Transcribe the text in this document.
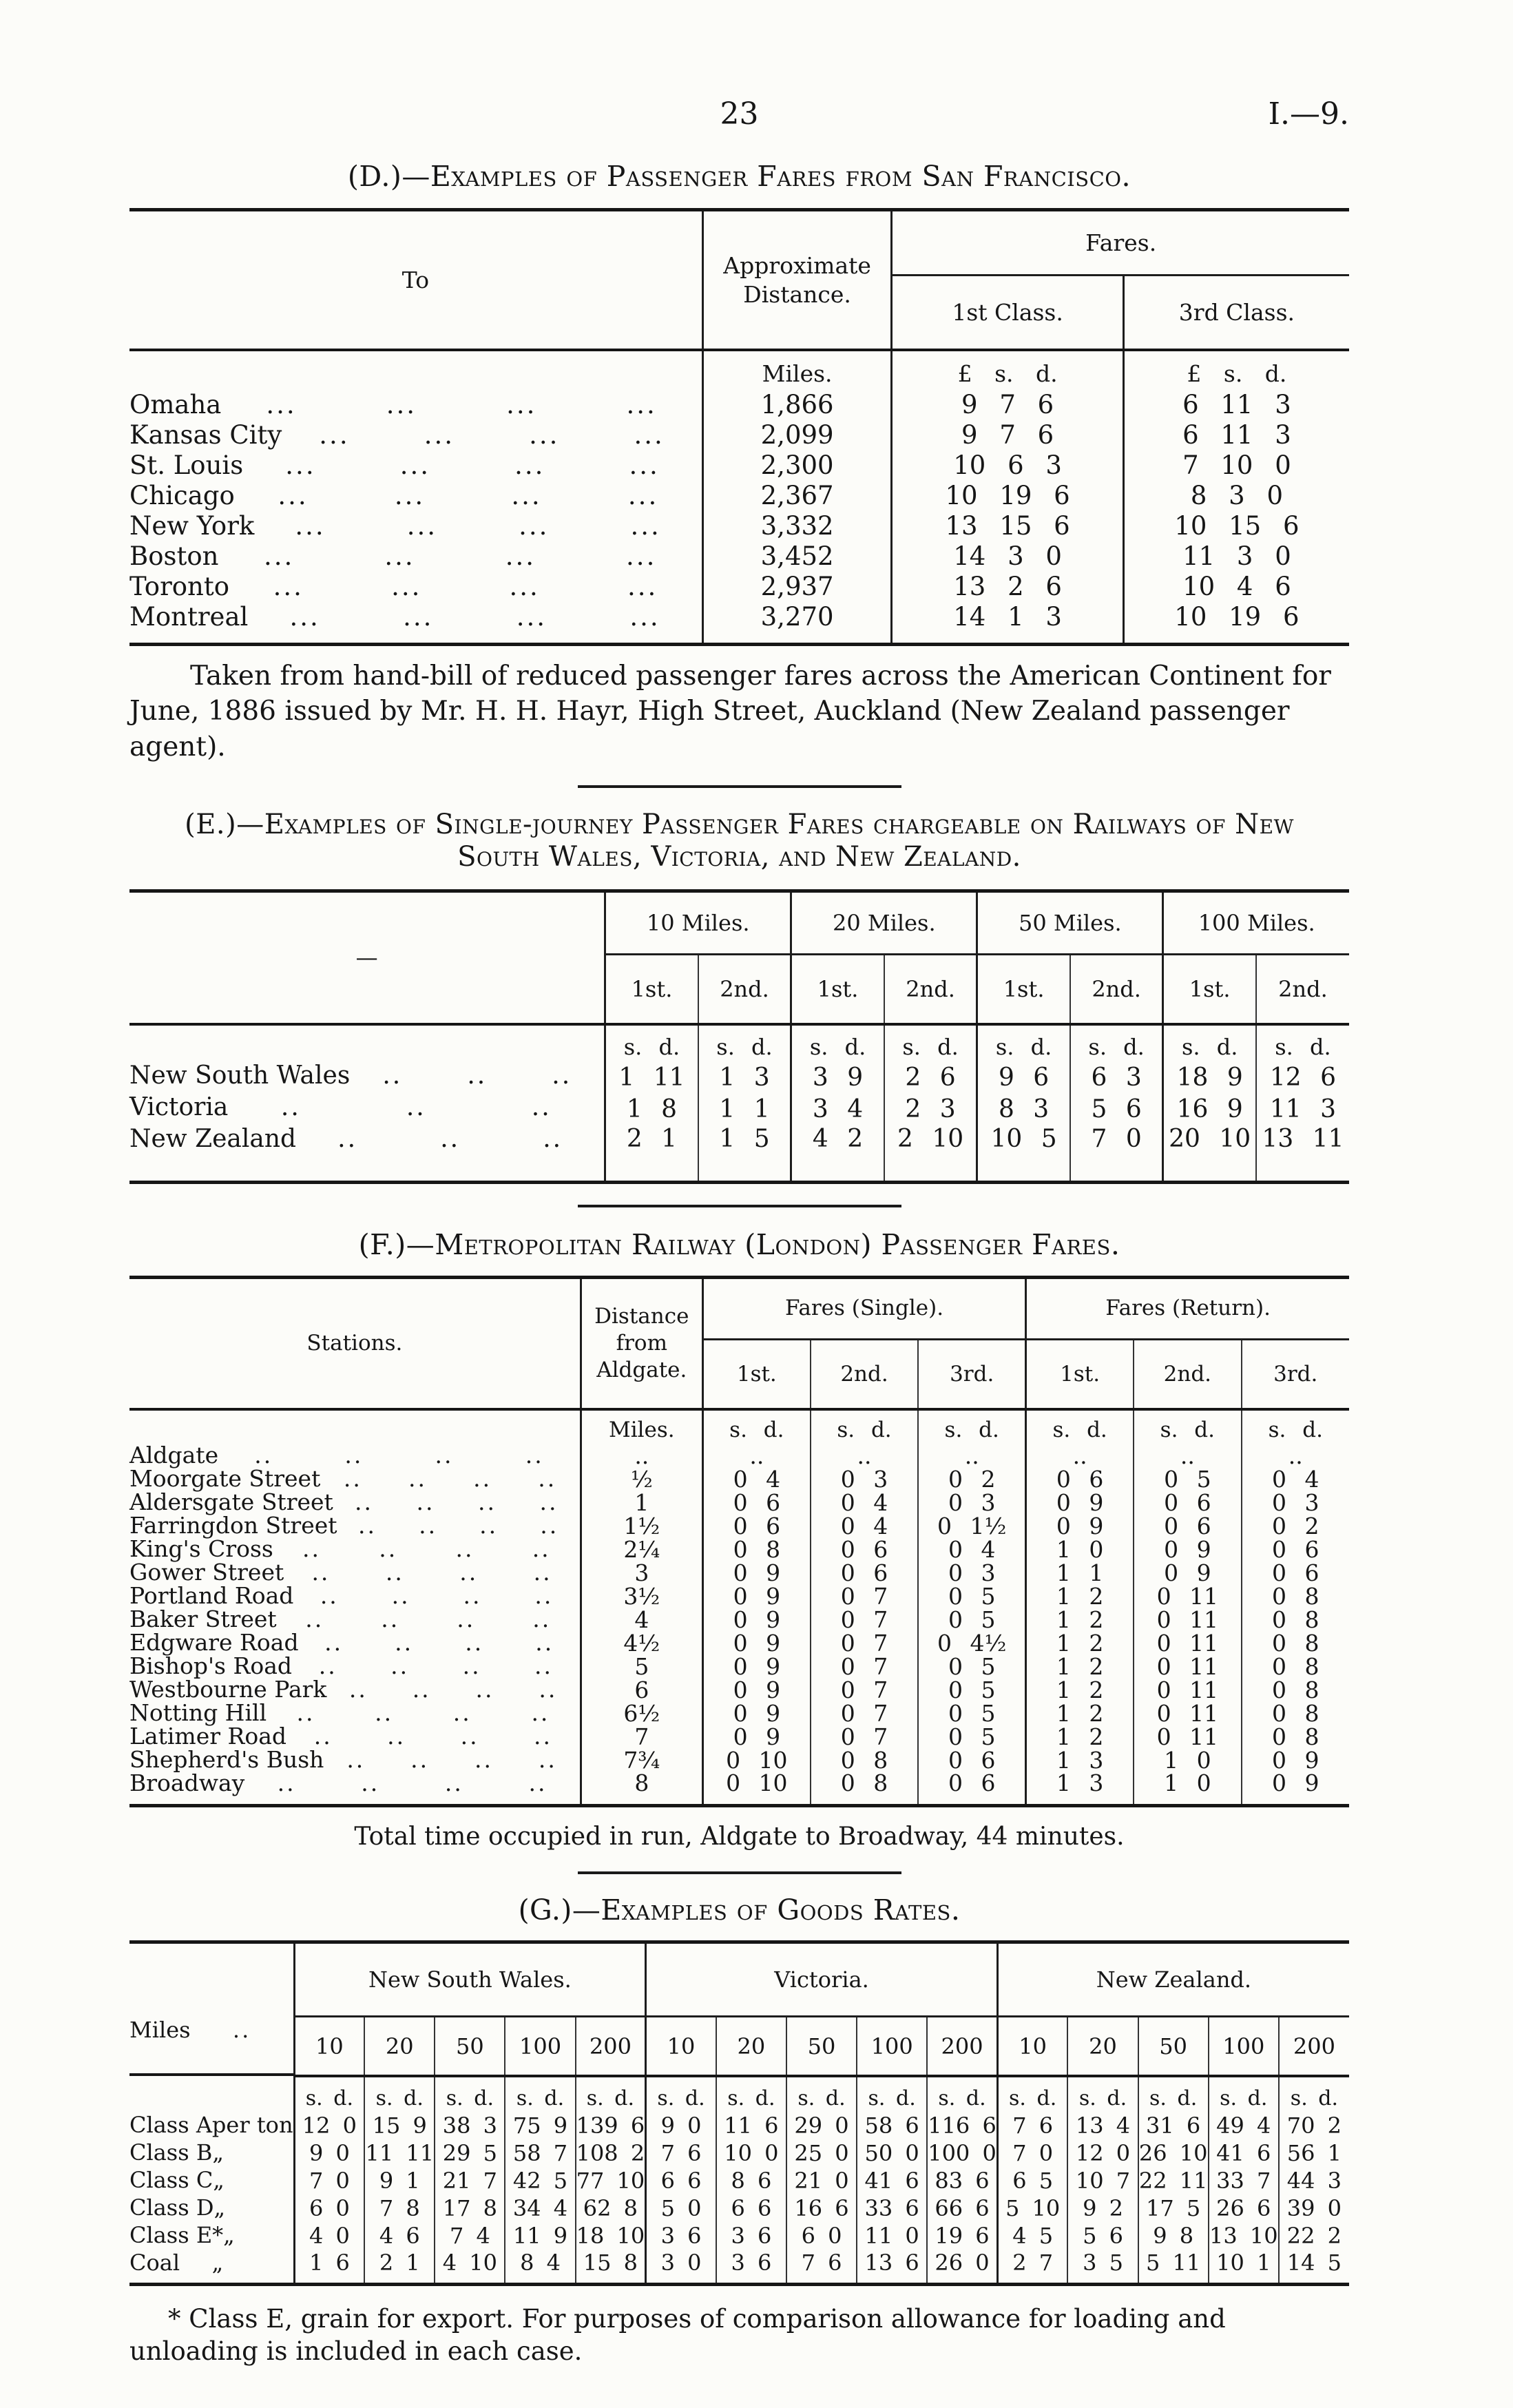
23	I.—9.
(D.)—Examples of Passenger Fares from San Francisco.
To	Approximate Distance.	Fares.	
		1st Class.	3rd Class.
	Miles.	£ s. d.	£ s. d.

Omaha	...	...	...	...	1,866	9 7 6	6 11 3

Kansas City	...	...	...	...	2,099	9 7 6	6 11 3

St. Louis	...	...	...	...	2,300	10 6 3	7 10 0

Chicago	...	...	...	...	2,367	10 19 6	8 3 0

New York	...	...	...	...	3,332	13 15 6	10 15 6

Boston	...	...	...	...	3,452	14 3 0	11 3 0

Toronto	...	...	...	...	2,937	13 2 6	10 4 6

Montreal	...	...	...	...	3,270	14 1 3	10 19 6

Taken from hand-bill of reduced passenger fares across the American Continent for June, 1886 issued by Mr. H. H. Hayr, High Street, Auckland (New Zealand passenger agent).

(E.)—Examples of Single-journey Passenger Fares chargeable on Railways of New South Wales, Victoria, and New Zealand.
—	10 Miles.		20 Miles.		50 Miles.		100 Miles.	
	1st.	2nd.	1st.	2nd.	1st.	2nd.	1st.	2nd.
	s. d.	s. d.	s. d.	s. d.	s. d.	s. d.	s. d.	s. d.

New South Wales	..	..	..	1 11	1 3	3 9	2 6	9 6	6 3	18 9	12 6

Victoria	..	..	..	1 8	1 1	3 4	2 3	8 3	5 6	16 9	11 3

New Zealand	..	..	..	2 1	1 5	4 2	2 10	10 5	7 0	20 10	13 11
(F.)—Metropolitan Railway (London) Passenger Fares.
Stations.	Distance from Aldgate.	Fares (Single).			Fares (Return).		
		1st.	2nd.	3rd.	1st.	2nd.	3rd.
	Miles.	s. d.	s. d.	s. d.	s. d.	s. d.	s. d.

Aldgate	..	..	..	..	..	..	..	..	..	..	..

Moorgate Street	..	..	..	..	½	0 4	0 3	0 2	0 6	0 5	0 4

Aldersgate Street ..	..	..	..	1	0 6	0 4	0 3	0 9	0 6	0 3

Farringdon Street ..	..	..	..	1½	0 6	0 4	0 1½	0 9	0 6	0 2

King's Cross	..	..	..	..	2¼	0 8	0 6	0 4	1 0	0 9	0 6

Gower Street	..	..	..	..	3	0 9	0 6	0 3	1 1	0 9	0 6

Portland Road	..	..	..	..	3½	0 9	0 7	0 5	1 2	0 11	0 8

Baker Street	..	..	..	..	4	0 9	0 7	0 5	1 2	0 11	0 8

Edgware Road	..	..	..	..	4½	0 9	0 7	0 4½	1 2	0 11	0 8

Bishop's Road	..	..	..	..	5	0 9	0 7	0 5	1 2	0 11	0 8

Westbourne Park ..	..	..	..	6	0 9	0 7	0 5	1 2	0 11	0 8

Notting Hill	..	..	..	..	6½	0 9	0 7	0 5	1 2	0 11	0 8

Latimer Road	..	..	..	..	7	0 9	0 7	0 5	1 2	0 11	0 8

Shepherd's Bush ..	..	..	..	7¾	0 10	0 8	0 6	1 3	1 0	0 9

Broadway	..	..	..	..	8	0 10	0 8	0 6	1 3	1 0	0 9

Total time occupied in run, Aldgate to Broadway, 44 minutes.

(G.)—Examples of Goods Rates.
	New South Wales.					Victoria.					New Zealand.				

Miles	..
10	20	50	100	200	10	20	50	100	200	10	20	50	100	200
	s. d.	s. d.	s. d.	s. d.	s. d.	s. d.	s. d.	s. d.	s. d.	s. d.	s. d.	s. d.	s. d.	s. d.	s. d.

Class A per ton 12 0	15 9	38 3	75 9	139 6	9 0	11 6	29 0	58 6	116 6	7 6	13 4	31 6	49 4	70 2

Class B „	9 0	11 11	29 5	58 7	108 2	7 6	10 0	25 0	50 0	100 0	7 0	12 0	26 10	41 6	56 1

Class C „	7 0	9 1	21 7	42 5	77 10	6 6	8 6	21 0	41 6	83 6	6 5	10 7	22 11	33 7	44 3

Class D „	6 0	7 8	17 8	34 4	62 8	5 0	6 6	16 6	33 6	66 6	5 10	9 2	17 5	26 6	39 0

Class E* „	4 0	4 6	7 4	11 9	18 10	3 6	3 6	6 0	11 0	19 6	4 5	5 6	9 8	13 10	22 2

Coal „	1 6	2 1	4 10	8 4	15 8	3 0	3 6	7 6	13 6	26 0	2 7	3 5	5 11	10 1	14 5

* Class E, grain for export. For purposes of comparison allowance for loading and unloading is included in each case.
